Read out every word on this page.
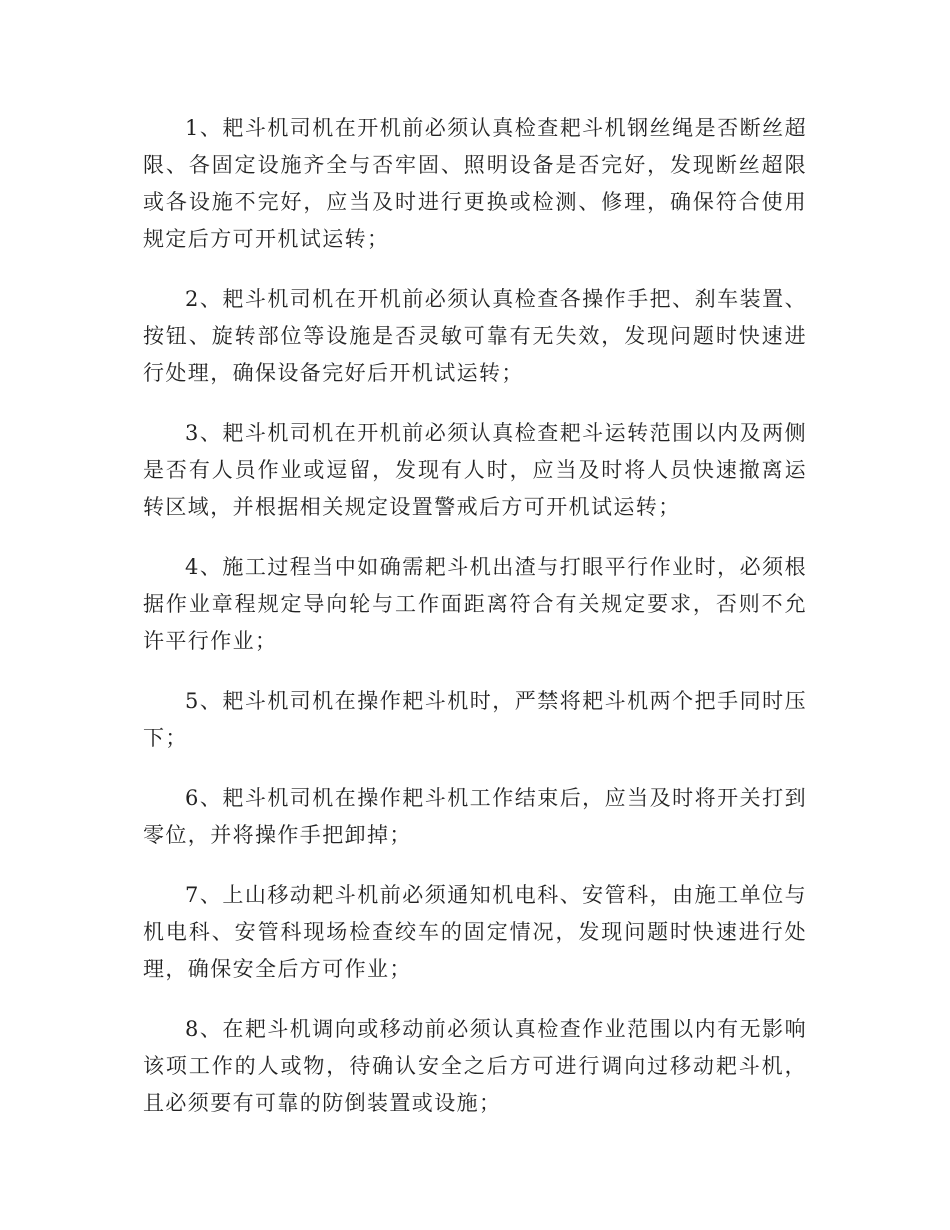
1、耙斗机司机在开机前必须认真检查耙斗机钢丝绳是否断丝超限、各固定设施齐全与否牢固、照明设备是否完好，发现断丝超限或各设施不完好，应当及时进行更换或检测、修理，确保符合使用规定后方可开机试运转；

2、耙斗机司机在开机前必须认真检查各操作手把、刹车装置、按钮、旋转部位等设施是否灵敏可靠有无失效，发现问题时快速进行处理，确保设备完好后开机试运转；

3、耙斗机司机在开机前必须认真检查耙斗运转范围以内及两侧是否有人员作业或逗留，发现有人时，应当及时将人员快速撤离运转区域，并根据相关规定设置警戒后方可开机试运转；

4、施工过程当中如确需耙斗机出渣与打眼平行作业时，必须根据作业章程规定导向轮与工作面距离符合有关规定要求，否则不允许平行作业；

5、耙斗机司机在操作耙斗机时，严禁将耙斗机两个把手同时压下；

6、耙斗机司机在操作耙斗机工作结束后，应当及时将开关打到零位，并将操作手把卸掉；

7、上山移动耙斗机前必须通知机电科、安管科，由施工单位与机电科、安管科现场检查绞车的固定情况，发现问题时快速进行处理，确保安全后方可作业；

8、在耙斗机调向或移动前必须认真检查作业范围以内有无影响该项工作的人或物，待确认安全之后方可进行调向过移动耙斗机，且必须要有可靠的防倒装置或设施；
